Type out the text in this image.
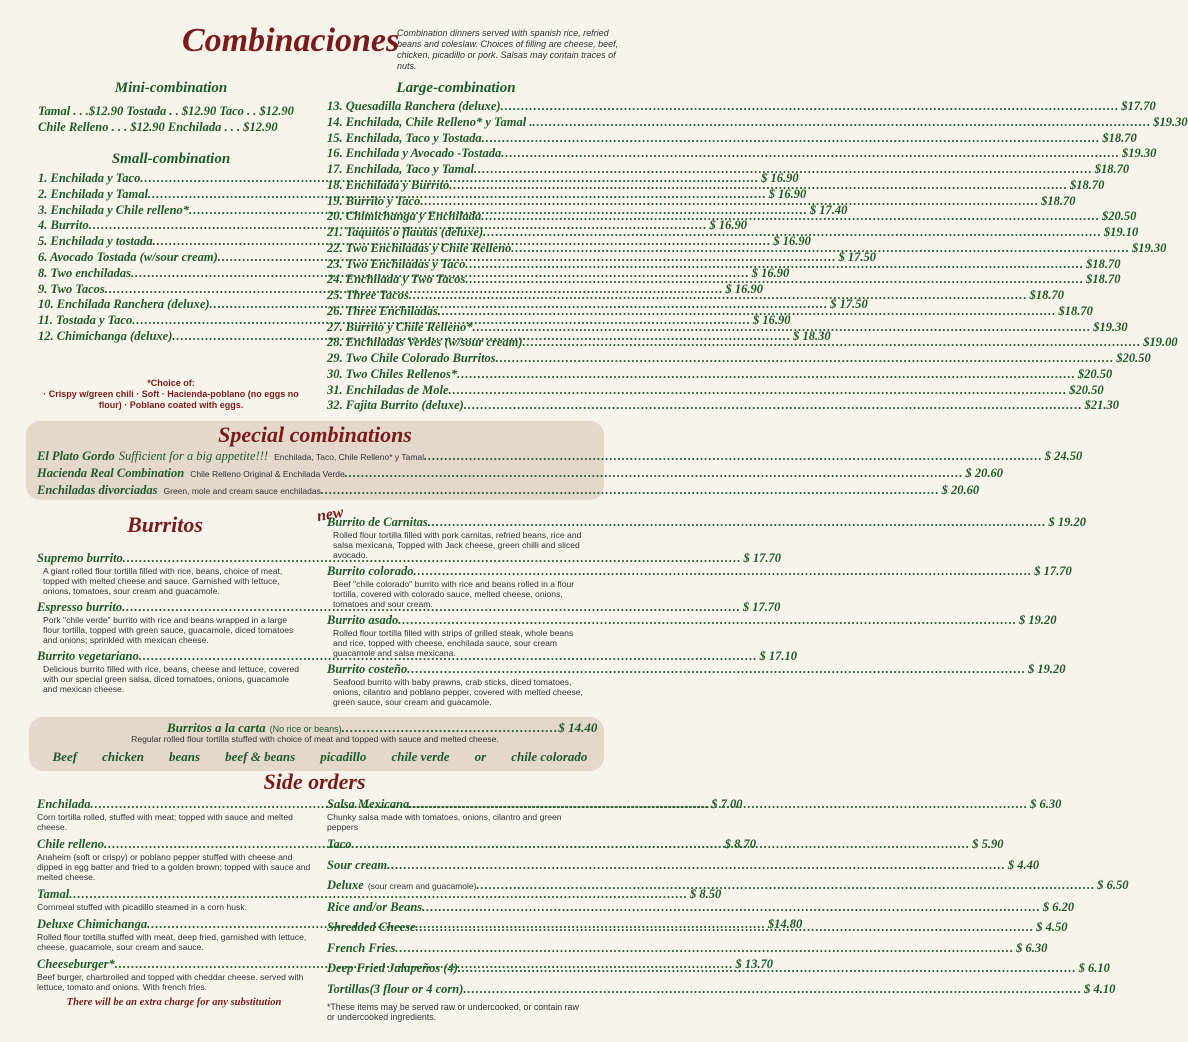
Combinaciones
Combination dinners served with spanish rice, refried beans and coleslaw. Choices of filling are cheese, beef, chicken, picadillo or pork. Salsas may contain traces of nuts.
Mini-combination
Tamal . . .$12.90 Tostada . . $12.90 Taco . . $12.90
Chile Relleno . . . $12.90 Enchilada . . . $12.90
Small-combination
1. Enchilada y Taco .....	$ 16.90
2. Enchilada y Tamal .....	$ 16.90
3. Enchilada y Chile relleno* .....	$ 17.40
4. Burrito .....	$ 16.90
5. Enchilada y tostada .....	$ 16.90
6. Avocado Tostada (w/sour cream) .....	$ 17.50
8. Two enchiladas .....	$ 16.90
9. Two Tacos .....	$ 16.90
10. Enchilada Ranchera (deluxe) .....	$ 17.50
11. Tostada y Taco .....	$ 16.90
12. Chimichanga (deluxe) .....	$ 18.30
*Choice of:
· Crispy w/green chili · Soft · Hacienda-poblano (no eggs no flour) · Poblano coated with eggs.
Large-combination
13. Quesadilla Ranchera (deluxe) .....	$17.70
14. Enchilada, Chile Relleno* y Tamal . .....	$19.30
15. Enchilada, Taco y Tostada .....	$18.70
16. Enchilada y Avocado -Tostada .....	$19.30
17. Enchilada, Taco y Tamal .....	$18.70
18. Enchilada y Burrito .....	$18.70
19. Burrito y Taco .....	$18.70
20. Chimichanga y Enchilada .....	$20.50
21. Taquitos o flautas (deluxe) .....	$19.10
22. Two Enchiladas y Chile Relleno .....	$19.30
23. Two Enchiladas y Taco .....	$18.70
24. Enchilada y Two Tacos .....	$18.70
25. Three Tacos .....	$18.70
26. Three Enchiladas .....	$18.70
27. Burrito y Chile Relleno* .....	$19.30
28. Enchiladas Verdes (w/sour cream) .....	$19.00
29. Two Chile Colorado Burritos .....	$20.50
30. Two Chiles Rellenos* .....	$20.50
31. Enchiladas de Mole .....	$20.50
32. Fajita Burrito (deluxe) .....	$21.30
Special combinations
El Plato Gordo Sufficient for a big appetite!!! Enchilada, Taco, Chile Relleno* y Tamal .....	$ 24.50
Hacienda Real Combination Chile Relleno Original & Enchilada Verde .....	$ 20.60
Enchiladas divorciadas Green, mole and cream sauce enchiladas .....	$ 20.60
Burritos	new
Supremo burrito .....	$ 17.70
A giant rolled flour tortilla filled with rice, beans, choice of meat, topped with melted cheese and sauce. Garnished with lettuce, onions, tomatoes, sour cream and guacamole.
Espresso burrito .....	$ 17.70
Pork "chile verde" burrito with rice and beans wrapped in a large flour tortilla, topped with green sauce, guacamole, diced tomatoes and onions; sprinkled with mexican cheese.
Burrito vegetariano .....	$ 17.10
Delicious burrito filled with rice, beans, cheese and lettuce, covered with our special green salsa, diced tomatoes, onions, guacamole and mexican cheese.
Burrito de Carnitas .....	$ 19.20
Rolled flour tortilla filled with pork carnitas, refried beans, rice and salsa mexicana, Topped with Jack cheese, green chilli and sliced avocado.
Burrito colorado .....	$ 17.70
Beef "chile colorado" burrito with rice and beans rolled in a flour tortilla, covered with colorado sauce, melted cheese, onions, tomatoes and sour cream.
Burrito asado .....	$ 19.20
Rolled flour tortilla filled with strips of grilled steak, whole beans and rice, topped with cheese, enchilada sauce, sour cream guacamole and salsa mexicana.
Burrito costeño .....	$ 19.20
Seafood burrito with baby prawns, crab sticks, diced tomatoes, onions, cilantro and poblano pepper, covered with melted cheese, green sauce, sour cream and guacamole.
Burritos a la carta (No rice or beans) ................................................... $ 14.40
Regular rolled flour tortilla stuffed with choice of meat and topped with sauce and melted cheese.
Beef chicken beans beef & beans picadillo chile verde or chile colorado
Side orders
Enchilada .....	$ 7.00
Corn tortilla rolled, stuffed with meat; topped with sauce and melted cheese.
Chile relleno .....	$ 8.70
Anaheim (soft or crispy) or poblano pepper stuffed with cheese and dipped in egg batter and fried to a golden brown; topped with sauce and melted cheese.
Tamal .....	$ 8.50
Cornmeal stuffed with picadillo steamed in a corn husk.
Deluxe Chimichanga .....	$14.80
Rolled flour tortilla stuffed with meat, deep fried, garnished with lettuce, cheese, guacamole, sour cream and sauce.
Cheeseburger* .....	$ 13.70
Beef burger, charbroiled and topped with cheddar cheese. served with lettuce, tomato and onions. With french fries.
There will be an extra charge for any substitution
Salsa Mexicana .....	$ 6.30
Chunky salsa made with tomatoes, onions, cilantro and green peppers
Taco .....	$ 5.90
Sour cream .....	$ 4.40
Deluxe (sour cream and guacamole) .....	$ 6.50
Rice and/or Beans .....	$ 6.20
Shredded Cheese .....	$ 4.50
French Fries .....	$ 6.30
Deep Fried Jalapeños (4) .....	$ 6.10
Tortillas(3 flour or 4 corn) .....	$ 4.10
*These items may be served raw or undercooked, or contain raw or undercooked ingredients.
